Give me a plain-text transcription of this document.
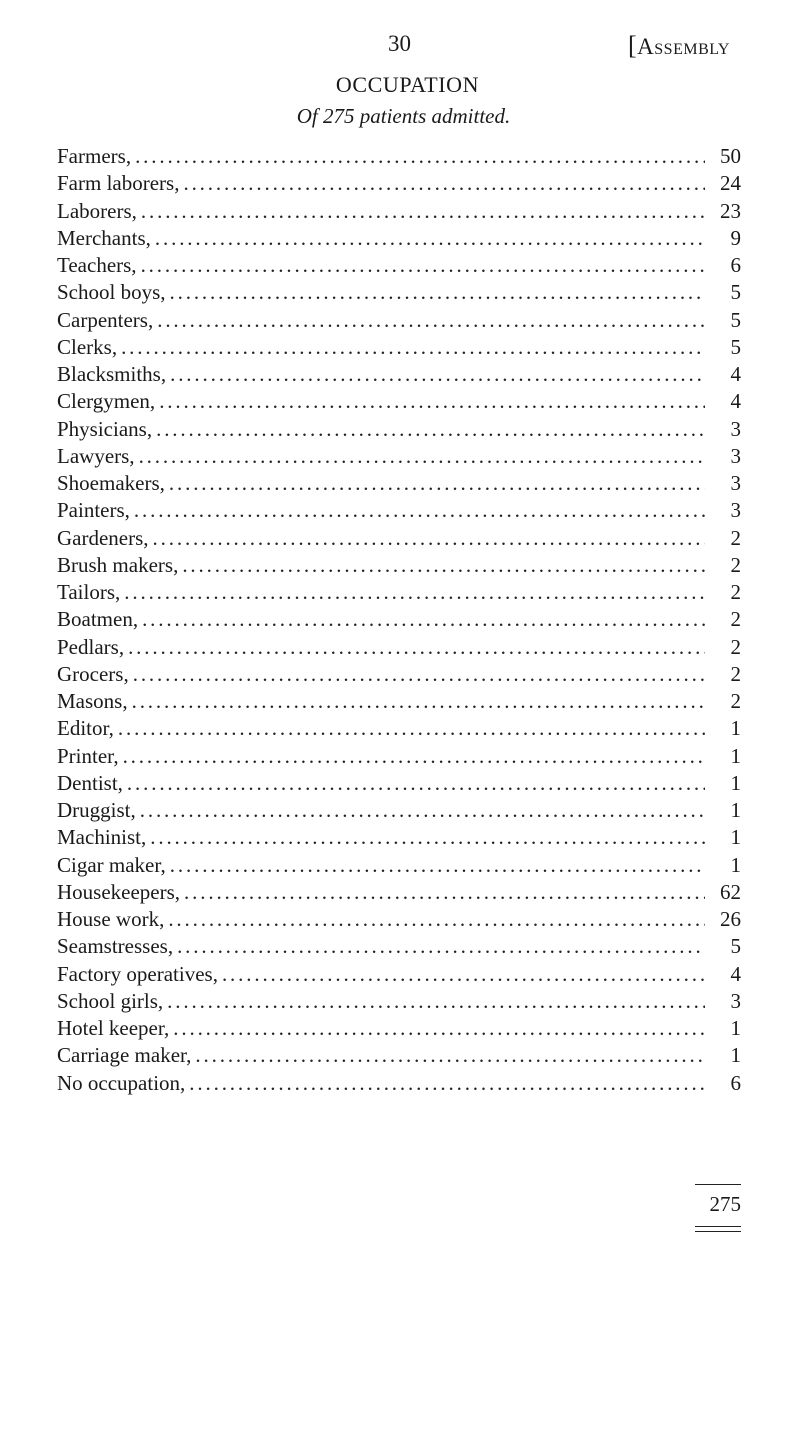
30	[Assembly
OCCUPATION
Of 275 patients admitted.
Farmers, . . .	50
Farm laborers, . . .	24
Laborers, . . .	23
Merchants, . . .	9
Teachers, . . .	6
School boys, . . .	5
Carpenters, . . .	5
Clerks, . . .	5
Blacksmiths, . . .	4
Clergymen, . . .	4
Physicians, . . .	3
Lawyers, . . .	3
Shoemakers, . . .	3
Painters, . . .	3
Gardeners, . . .	2
Brush makers, . . .	2
Tailors, . . .	2
Boatmen, . . .	2
Pedlars, . . .	2
Grocers, . . .	2
Masons, . . .	2
Editor, . . .	1
Printer, . . .	1
Dentist, . . .	1
Druggist, . . .	1
Machinist, . . .	1
Cigar maker, . . .	1
Housekeepers, . . .	62
House work, . . .	26
Seamstresses, . . .	5
Factory operatives, . . .	4
School girls, . . .	3
Hotel keeper, . . .	1
Carriage maker, . . .	1
No occupation, . . .	6
275
